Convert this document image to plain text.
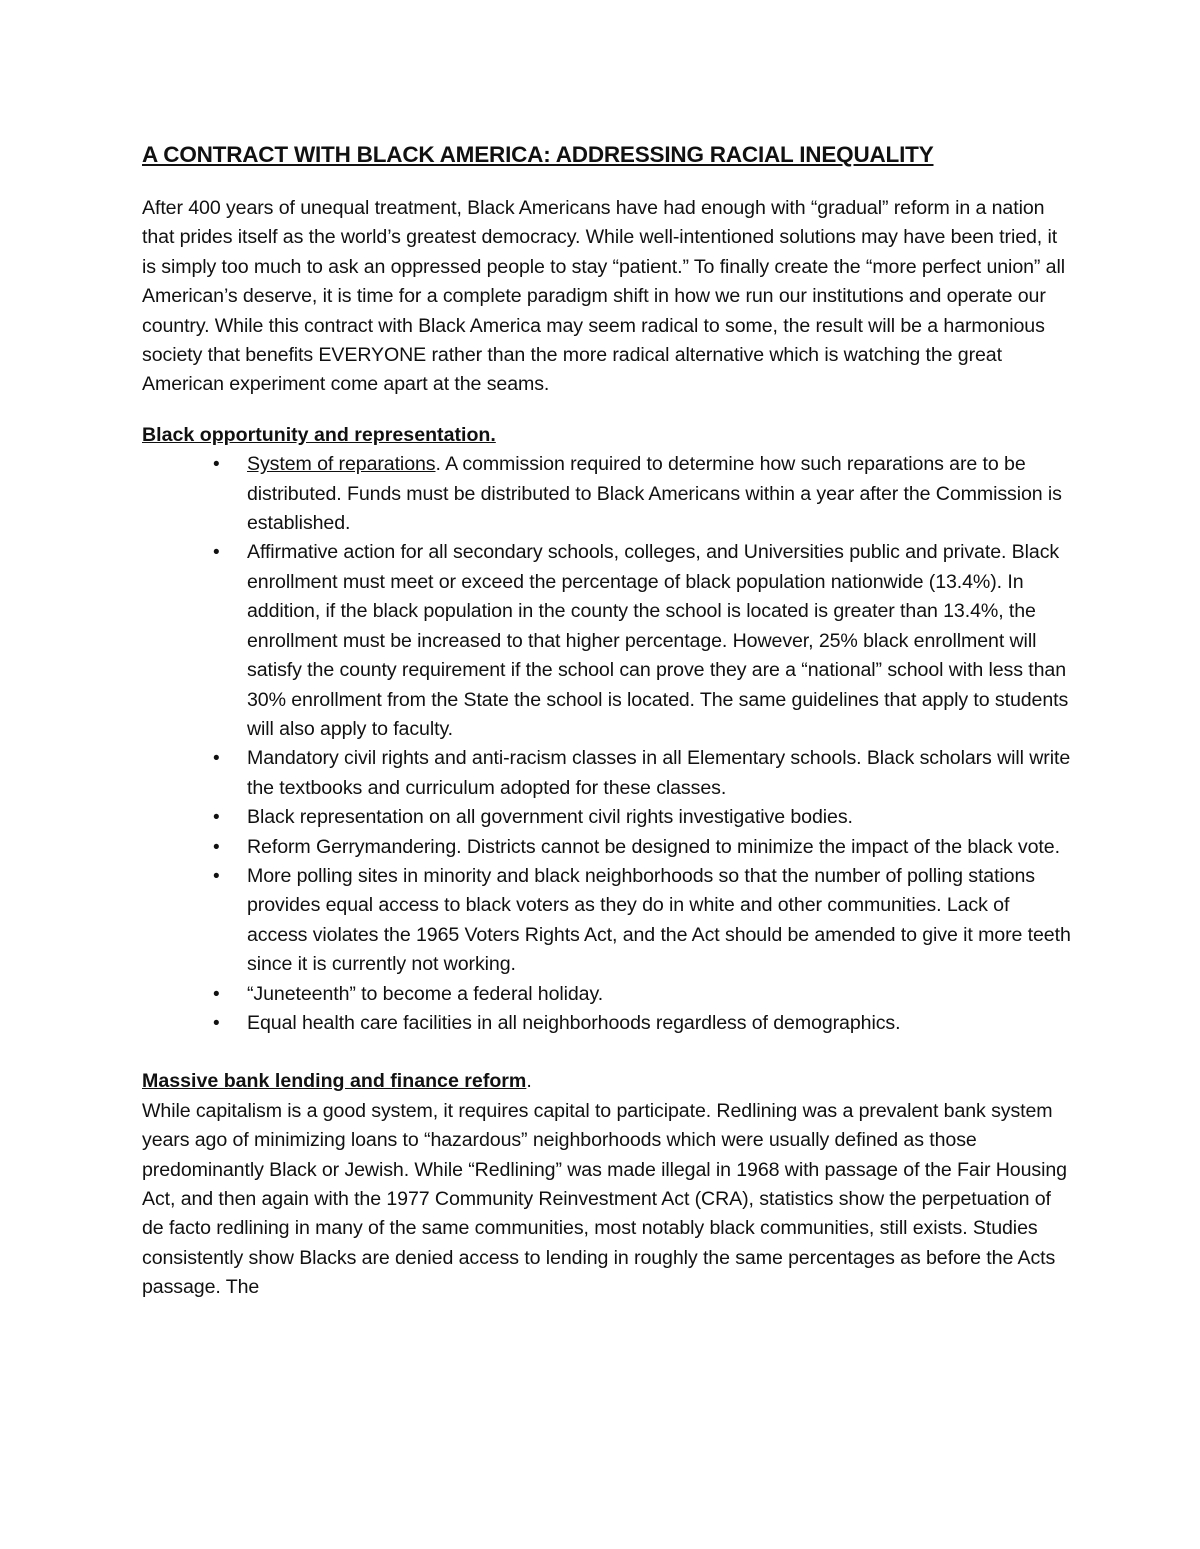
A CONTRACT WITH BLACK AMERICA: ADDRESSING RACIAL INEQUALITY

After 400 years of unequal treatment, Black Americans have had enough with “gradual” reform in a nation that prides itself as the world’s greatest democracy. While well-intentioned solutions may have been tried, it is simply too much to ask an oppressed people to stay “patient.” To finally create the “more perfect union” all American’s deserve, it is time for a complete paradigm shift in how we run our institutions and operate our country. While this contract with Black America may seem radical to some, the result will be a harmonious society that benefits EVERYONE rather than the more radical alternative which is watching the great American experiment come apart at the seams.

Black opportunity and representation.
• System of reparations. A commission required to determine how such reparations are to be distributed. Funds must be distributed to Black Americans within a year after the Commission is established.
• Affirmative action for all secondary schools, colleges, and Universities public and private. Black enrollment must meet or exceed the percentage of black population nationwide (13.4%). In addition, if the black population in the county the school is located is greater than 13.4%, the enrollment must be increased to that higher percentage. However, 25% black enrollment will satisfy the county requirement if the school can prove they are a “national” school with less than 30% enrollment from the State the school is located. The same guidelines that apply to students will also apply to faculty.
• Mandatory civil rights and anti-racism classes in all Elementary schools. Black scholars will write the textbooks and curriculum adopted for these classes.
• Black representation on all government civil rights investigative bodies.
• Reform Gerrymandering. Districts cannot be designed to minimize the impact of the black vote.
• More polling sites in minority and black neighborhoods so that the number of polling stations provides equal access to black voters as they do in white and other communities. Lack of access violates the 1965 Voters Rights Act, and the Act should be amended to give it more teeth since it is currently not working.
• “Juneteenth” to become a federal holiday.
• Equal health care facilities in all neighborhoods regardless of demographics.
Massive bank lending and finance reform.

While capitalism is a good system, it requires capital to participate. Redlining was a prevalent bank system years ago of minimizing loans to “hazardous” neighborhoods which were usually defined as those predominantly Black or Jewish. While “Redlining” was made illegal in 1968 with passage of the Fair Housing Act, and then again with the 1977 Community Reinvestment Act (CRA), statistics show the perpetuation of de facto redlining in many of the same communities, most notably black communities, still exists. Studies consistently show Blacks are denied access to lending in roughly the same percentages as before the Acts passage. The
